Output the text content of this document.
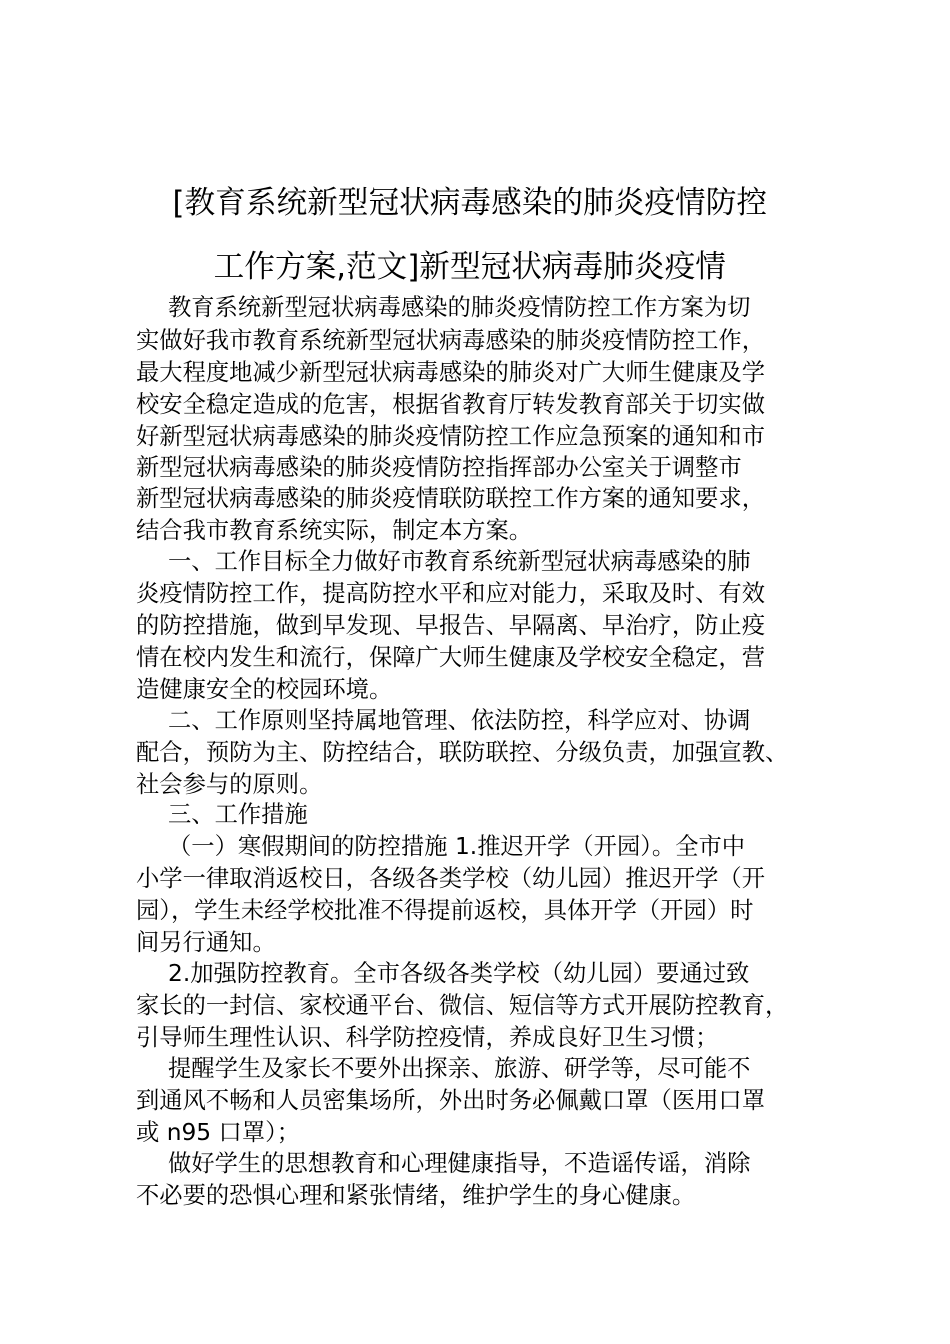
[教育系统新型冠状病毒感染的肺炎疫情防控
工作方案,范文]新型冠状病毒肺炎疫情
教育系统新型冠状病毒感染的肺炎疫情防控工作方案为切
实做好我市教育系统新型冠状病毒感染的肺炎疫情防控工作，
最大程度地减少新型冠状病毒感染的肺炎对广大师生健康及学
校安全稳定造成的危害，根据省教育厅转发教育部关于切实做
好新型冠状病毒感染的肺炎疫情防控工作应急预案的通知和市
新型冠状病毒感染的肺炎疫情防控指挥部办公室关于调整市
新型冠状病毒感染的肺炎疫情联防联控工作方案的通知要求，
结合我市教育系统实际，制定本方案。
一、工作目标全力做好市教育系统新型冠状病毒感染的肺
炎疫情防控工作，提高防控水平和应对能力，采取及时、有效
的防控措施，做到早发现、早报告、早隔离、早治疗，防止疫
情在校内发生和流行，保障广大师生健康及学校安全稳定，营
造健康安全的校园环境。
二、工作原则坚持属地管理、依法防控，科学应对、协调
配合，预防为主、防控结合，联防联控、分级负责，加强宣教、
社会参与的原则。
三、工作措施
（一）寒假期间的防控措施 1.推迟开学（开园）。全市中
小学一律取消返校日，各级各类学校（幼儿园）推迟开学（开
园），学生未经学校批准不得提前返校，具体开学（开园）时
间另行通知。
2.加强防控教育。全市各级各类学校（幼儿园）要通过致
家长的一封信、家校通平台、微信、短信等方式开展防控教育，
引导师生理性认识、科学防控疫情，养成良好卫生习惯；
提醒学生及家长不要外出探亲、旅游、研学等，尽可能不
到通风不畅和人员密集场所，外出时务必佩戴口罩（医用口罩
或 n95 口罩）；
做好学生的思想教育和心理健康指导，不造谣传谣，消除
不必要的恐惧心理和紧张情绪，维护学生的身心健康。
